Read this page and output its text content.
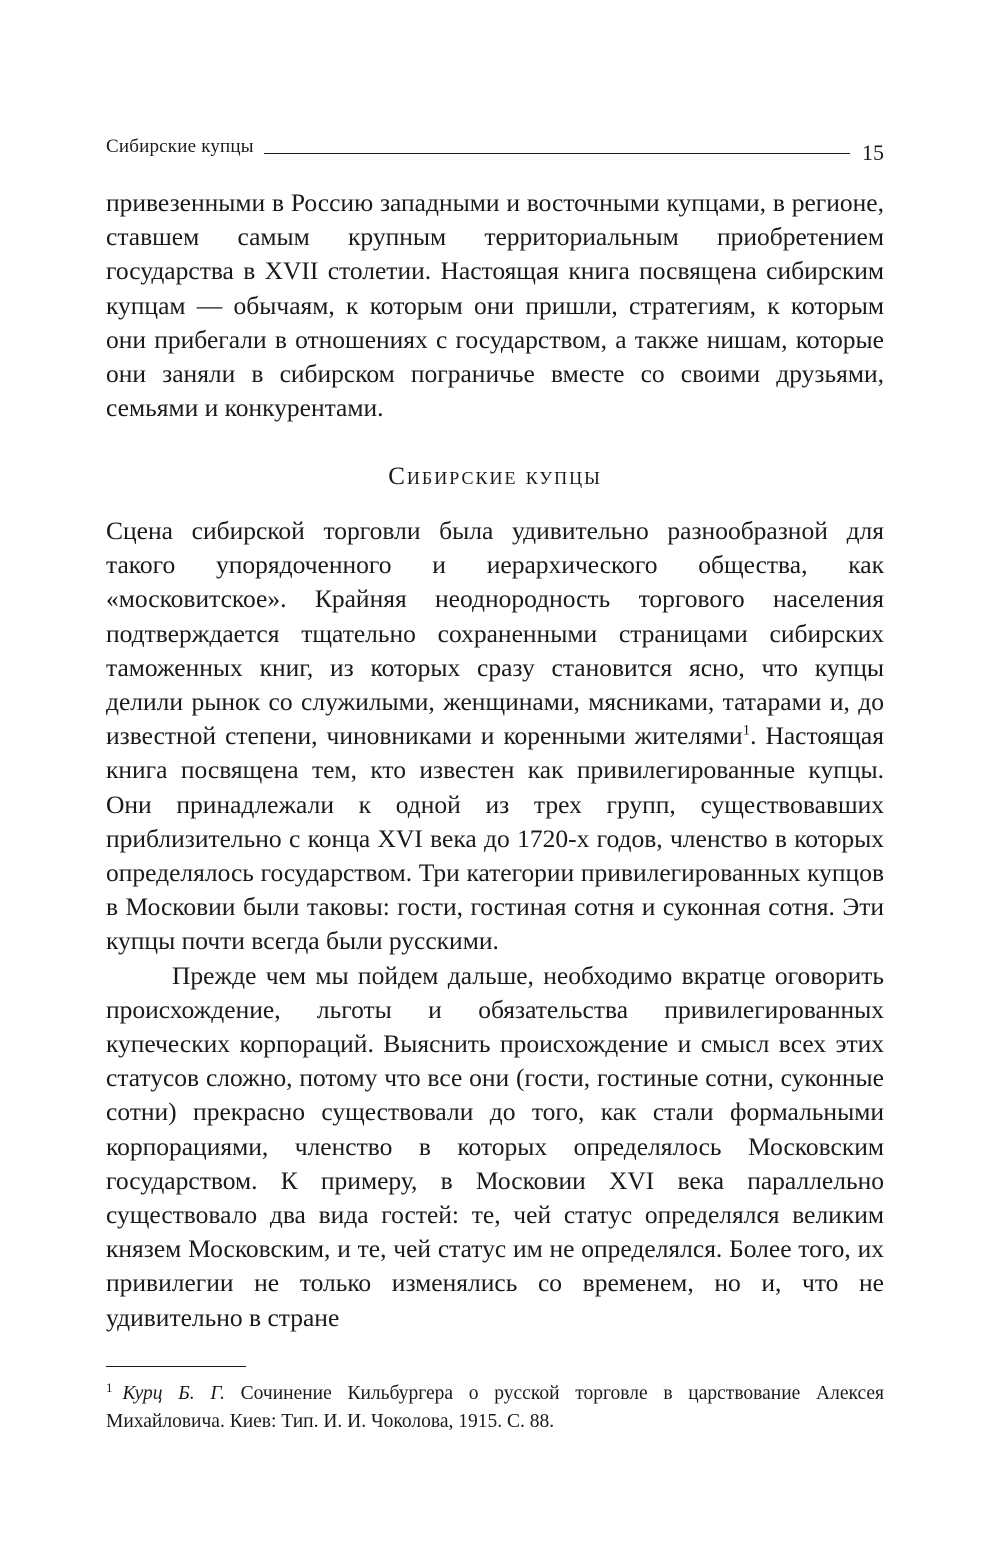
Сибирские купцы	15

привезенными в Россию западными и восточными купцами, в регионе, ставшем самым крупным территориальным приобретением государства в XVII столетии. Настоящая книга посвящена сибирским купцам — обычаям, к которым они пришли, стратегиям, к которым они прибегали в отношениях с государством, а также нишам, которые они заняли в сибирском пограничье вместе со своими друзьями, семьями и конкурентами.

Сибирские купцы

Сцена сибирской торговли была удивительно разнообразной для такого упорядоченного и иерархического общества, как «московитское». Крайняя неоднородность торгового населения подтверждается тщательно сохраненными страницами сибирских таможенных книг, из которых сразу становится ясно, что купцы делили рынок со служилыми, женщинами, мясниками, татарами и, до известной степени, чиновниками и коренными жителями$^1$. Настоящая книга посвящена тем, кто известен как привилегированные купцы. Они принадлежали к одной из трех групп, существовавших приблизительно с конца XVI века до 1720-х годов, членство в которых определялось государством. Три категории привилегированных купцов в Московии были таковы: гости, гостиная сотня и суконная сотня. Эти купцы почти всегда были русскими.

Прежде чем мы пойдем дальше, необходимо вкратце оговорить происхождение, льготы и обязательства привилегированных купеческих корпораций. Выяснить происхождение и смысл всех этих статусов сложно, потому что все они (гости, гостиные сотни, суконные сотни) прекрасно существовали до того, как стали формальными корпорациями, членство в которых определялось Московским государством. К примеру, в Московии XVI века параллельно существовало два вида гостей: те, чей статус определялся великим князем Московским, и те, чей статус им не определялся. Более того, их привилегии не только изменялись со временем, но и, что не удивительно в стране

$^1$ Курц Б. Г. Сочинение Кильбургера о русской торговле в царствование Алексея Михайловича. Киев: Тип. И. И. Чоколова, 1915. С. 88.
